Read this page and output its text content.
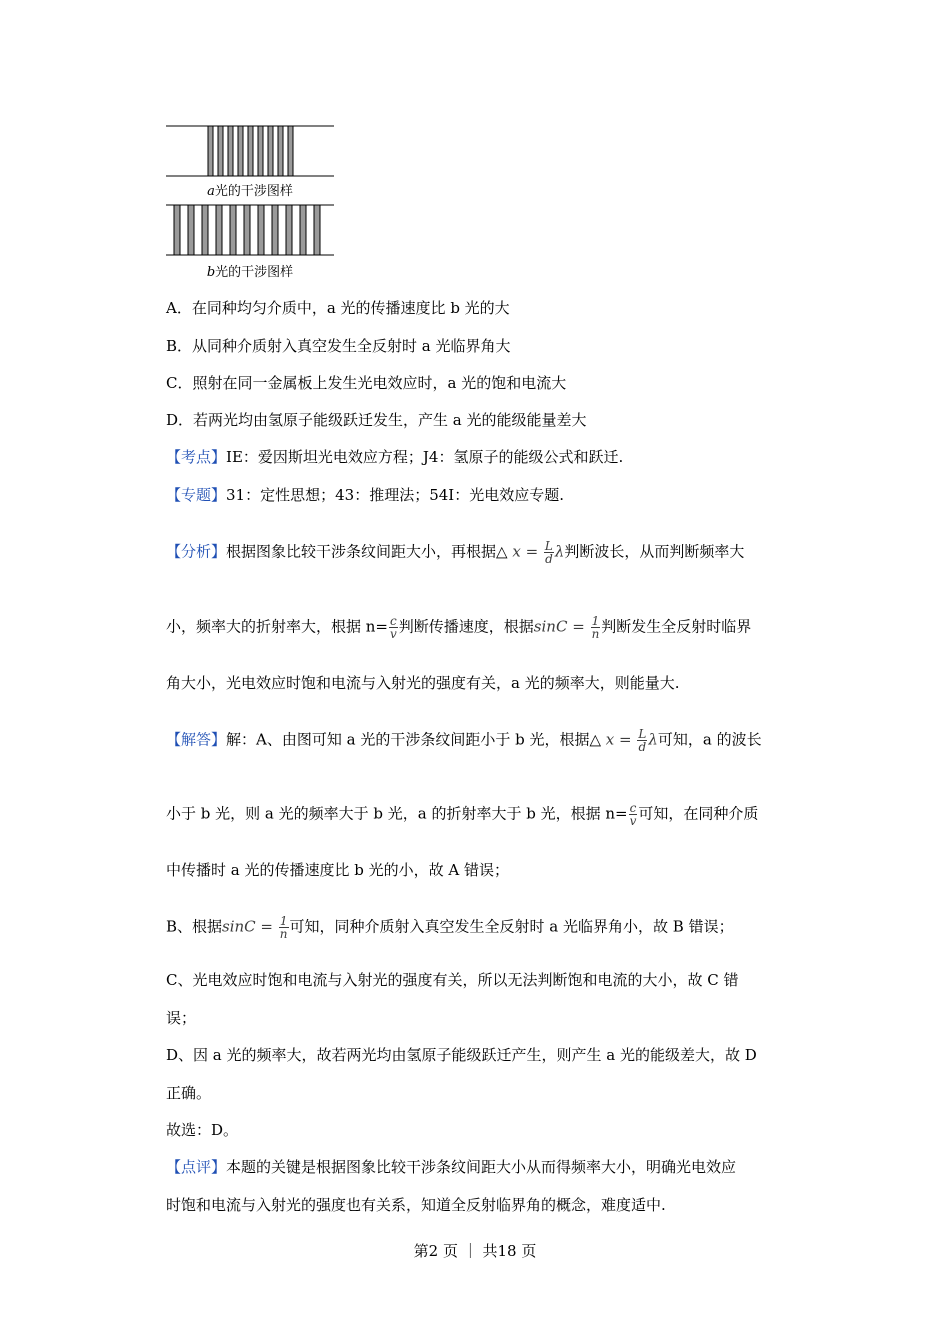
a光的干涉图样
b光的干涉图样
A．在同种均匀介质中，a 光的传播速度比 b 光的大
B．从同种介质射入真空发生全反射时 a 光临界角大
C．照射在同一金属板上发生光电效应时，a 光的饱和电流大
D．若两光均由氢原子能级跃迁发生，产生 a 光的能级能量差大
【考点】IE：爱因斯坦光电效应方程；J4：氢原子的能级公式和跃迁.
【专题】31：定性思想；43：推理法；54I：光电效应专题.
【分析】根据图象比较干涉条纹间距大小，再根据△ $x = \frac{L}{d}$ λ判断波长，从而判断频率大
小，频率大的折射率大，根据 $n= \frac{c}{v}$ 判断传播速度，根据$\sin C = \frac{1}{n}$ 判断发生全反射时临界
角大小，光电效应时饱和电流与入射光的强度有关，a 光的频率大，则能量大.
【解答】解：A、由图可知 a 光的干涉条纹间距小于 b 光，根据△ $x = \frac{L}{d}$ λ可知，a 的波长
小于 b 光，则 a 光的频率大于 b 光，a 的折射率大于 b 光，根据 $n= \frac{c}{v}$ 可知，在同种介质
中传播时 a 光的传播速度比 b 光的小，故 A 错误；
B、根据$\sin C = \frac{1}{n}$ 可知，同种介质射入真空发生全反射时 a 光临界角小，故 B 错误；
C、光电效应时饱和电流与入射光的强度有关，所以无法判断饱和电流的大小，故 C 错
误；
D、因 a 光的频率大，故若两光均由氢原子能级跃迁产生，则产生 a 光的能级差大，故 D
正确。
故选：D。
【点评】本题的关键是根据图象比较干涉条纹间距大小从而得频率大小，明确光电效应
时饱和电流与入射光的强度也有关系，知道全反射临界角的概念，难度适中.
第2 页 ｜ 共18 页
